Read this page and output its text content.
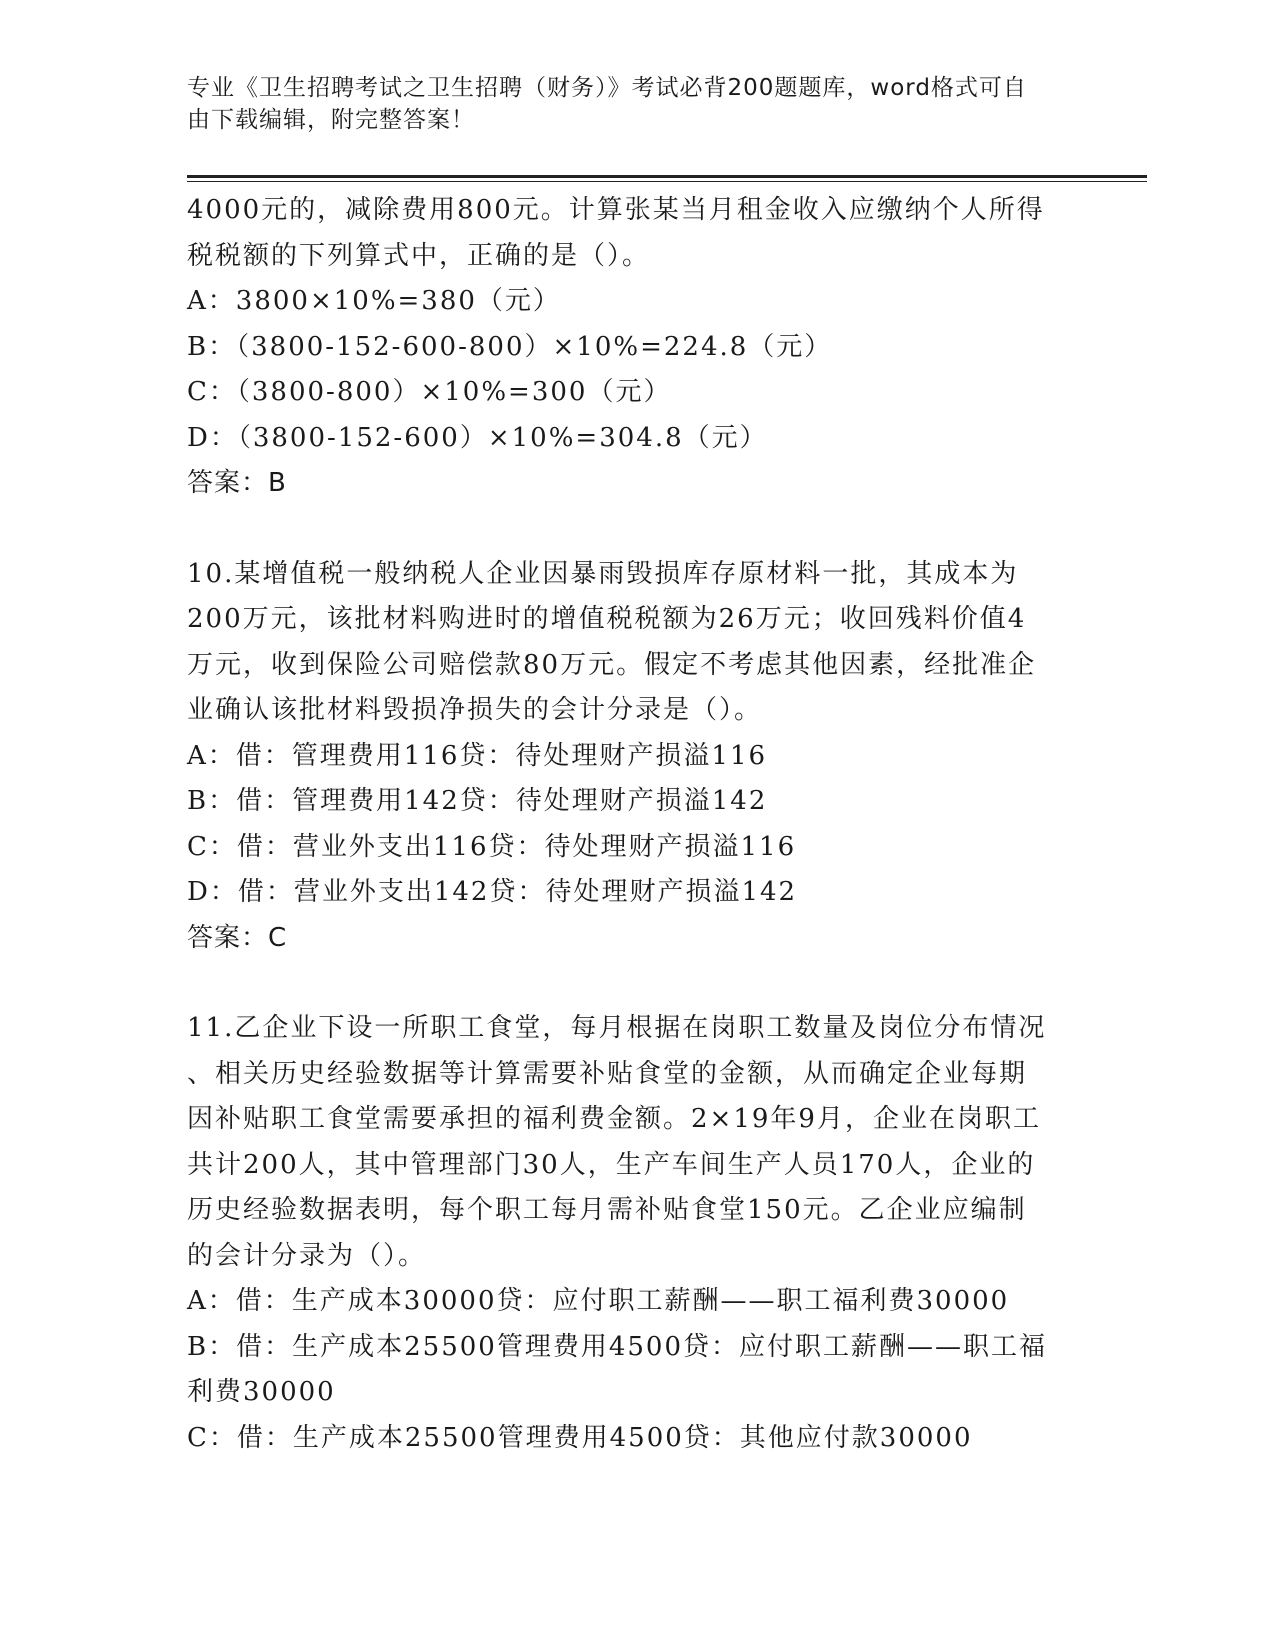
专业《卫生招聘考试之卫生招聘（财务）》考试必背200题题库，word格式可自
由下载编辑，附完整答案！

4000元的，减除费用800元。计算张某当月租金收入应缴纳个人所得

税税额的下列算式中，正确的是（）。

A：3800×10%=380（元）

B：（3800-152-600-800）×10%=224.8（元）

C：（3800-800）×10%=300（元）

D：（3800-152-600）×10%=304.8（元）

答案：B

10.某增值税一般纳税人企业因暴雨毁损库存原材料一批，其成本为

200万元，该批材料购进时的增值税税额为26万元；收回残料价值4

万元，收到保险公司赔偿款80万元。假定不考虑其他因素，经批准企

业确认该批材料毁损净损失的会计分录是（）。

A：借：管理费用116贷：待处理财产损溢116

B：借：管理费用142贷：待处理财产损溢142

C：借：营业外支出116贷：待处理财产损溢116

D：借：营业外支出142贷：待处理财产损溢142

答案：C

11.乙企业下设一所职工食堂，每月根据在岗职工数量及岗位分布情况

、相关历史经验数据等计算需要补贴食堂的金额，从而确定企业每期

因补贴职工食堂需要承担的福利费金额。2×19年9月，企业在岗职工

共计200人，其中管理部门30人，生产车间生产人员170人，企业的

历史经验数据表明，每个职工每月需补贴食堂150元。乙企业应编制

的会计分录为（）。

A：借：生产成本30000贷：应付职工薪酬——职工福利费30000

B：借：生产成本25500管理费用4500贷：应付职工薪酬——职工福

利费30000

C：借：生产成本25500管理费用4500贷：其他应付款30000
